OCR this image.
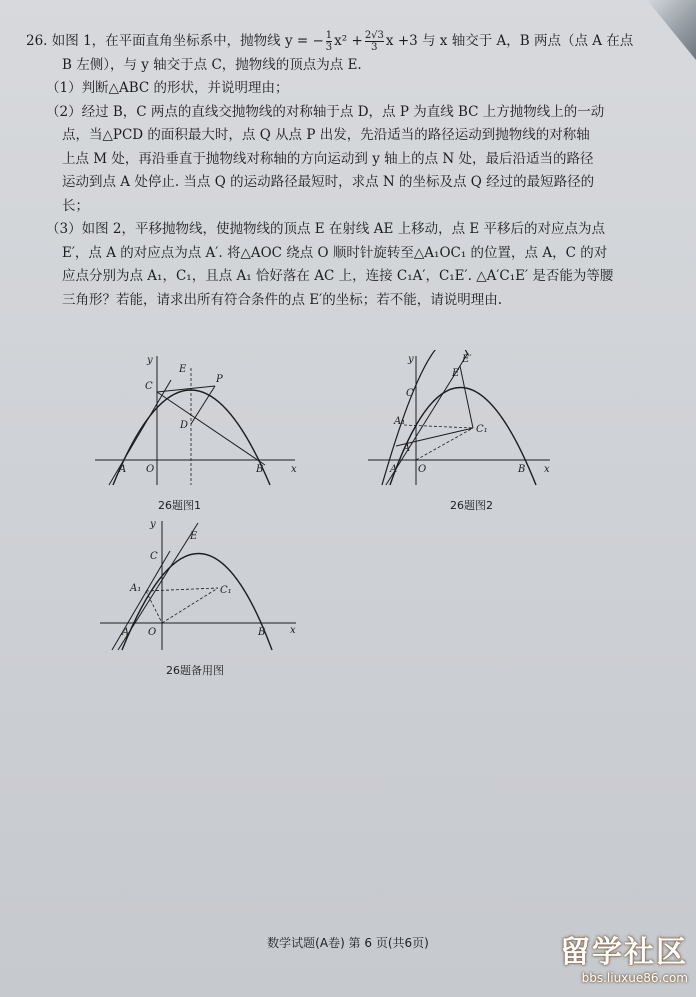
26. 如图 1，在平面直角坐标系中，抛物线 y = − $\frac{1}{3} x^2 + \frac{2√3}{3}$ x +3 与 x 轴交于 A，B 两点（点 A 在点

B 左侧），与 y 轴交于点 C，抛物线的顶点为点 E.

（1）判断△ABC 的形状，并说明理由；

（2）经过 B，C 两点的直线交抛物线的对称轴于点 D，点 P 为直线 BC 上方抛物线上的一动

点，当△PCD 的面积最大时，点 Q 从点 P 出发，先沿适当的路径运动到抛物线的对称轴

上点 M 处，再沿垂直于抛物线对称轴的方向运动到 y 轴上的点 N 处，最后沿适当的路径

运动到点 A 处停止. 当点 Q 的运动路径最短时，求点 N 的坐标及点 Q 经过的最短路径的

长；

（3）如图 2，平移抛物线，使抛物线的顶点 E 在射线 AE 上移动，点 E 平移后的对应点为点

E′，点 A 的对应点为点 A′. 将△AOC 绕点 O 顺时针旋转至△A₁OC₁ 的位置，点 A，C 的对

应点分别为点 A₁，C₁，且点 A₁ 恰好落在 AC 上，连接 C₁A′，C₁E′. △A′C₁E′ 是否能为等腰

三角形？若能，请求出所有符合条件的点 E′的坐标；若不能，请说明理由.

y
x
C
E
P
D
A O	B
26题图1
y
x
E′
E
C
A₁
C₁
A′
A O	B
26题图2
y
x
C
E
A₁	C₁
A O	B
26题备用图
数学试题(A卷) 第 6 页(共6页)	留学社区
bbs.liuxue86.com
